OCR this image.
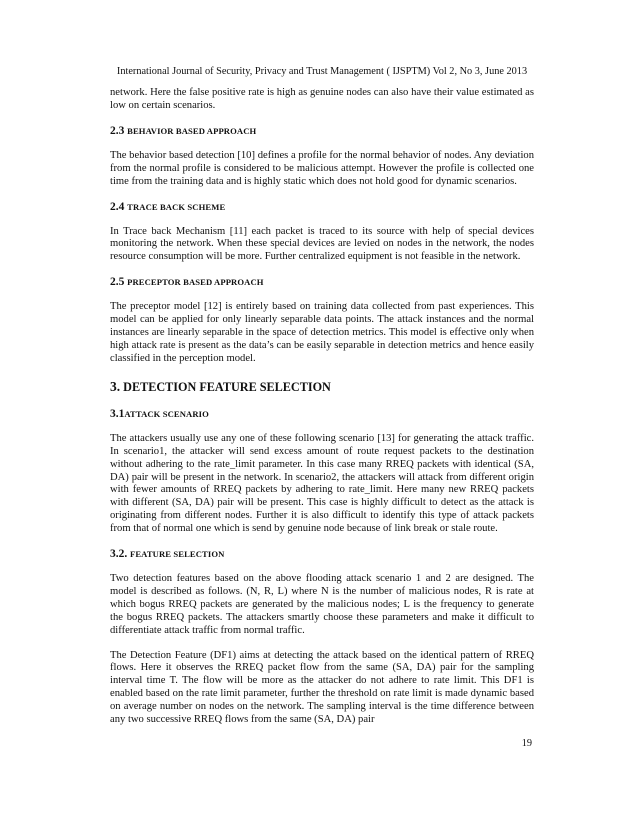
International Journal of Security, Privacy and Trust Management ( IJSPTM) Vol 2, No 3, June 2013

network. Here the false positive rate is high as genuine nodes can also have their value estimated as low on certain scenarios.

2.3 BEHAVIOR BASED APPROACH

The behavior based detection [10] defines a profile for the normal behavior of nodes. Any deviation from the normal profile is considered to be malicious attempt. However the profile is collected one time from the training data and is highly static which does not hold good for dynamic scenarios.

2.4 TRACE BACK SCHEME

In Trace back Mechanism [11] each packet is traced to its source with help of special devices monitoring the network. When these special devices are levied on nodes in the network, the nodes resource consumption will be more. Further centralized equipment is not feasible in the network.

2.5 PRECEPTOR BASED APPROACH

The preceptor model [12] is entirely based on training data collected from past experiences. This model can be applied for only linearly separable data points. The attack instances and the normal instances are linearly separable in the space of detection metrics. This model is effective only when high attack rate is present as the data’s can be easily separable in detection metrics and hence easily classified in the perception model.

3. DETECTION FEATURE SELECTION
3.1ATTACK SCENARIO

The attackers usually use any one of these following scenario [13] for generating the attack traffic. In scenario1, the attacker will send excess amount of route request packets to the destination without adhering to the rate_limit parameter. In this case many RREQ packets with identical (SA, DA) pair will be present in the network. In scenario2, the attackers will attack from different origin with fewer amounts of RREQ packets by adhering to rate_limit. Here many new RREQ packets with different (SA, DA) pair will be present. This case is highly difficult to detect as the attack is originating from different nodes. Further it is also difficult to identify this type of attack packets from that of normal one which is send by genuine node because of link break or stale route.

3.2. FEATURE SELECTION

Two detection features based on the above flooding attack scenario 1 and 2 are designed. The model is described as follows. (N, R, L) where N is the number of malicious nodes, R is rate at which bogus RREQ packets are generated by the malicious nodes; L is the frequency to generate the bogus RREQ packets. The attackers smartly choose these parameters and make it difficult to differentiate attack traffic from normal traffic.

The Detection Feature (DF1) aims at detecting the attack based on the identical pattern of RREQ flows. Here it observes the RREQ packet flow from the same (SA, DA) pair for the sampling interval time T. The flow will be more as the attacker do not adhere to rate limit. This DF1 is enabled based on the rate limit parameter, further the threshold on rate limit is made dynamic based on average number on nodes on the network. The sampling interval is the time difference between any two successive RREQ flows from the same (SA, DA) pair

19
